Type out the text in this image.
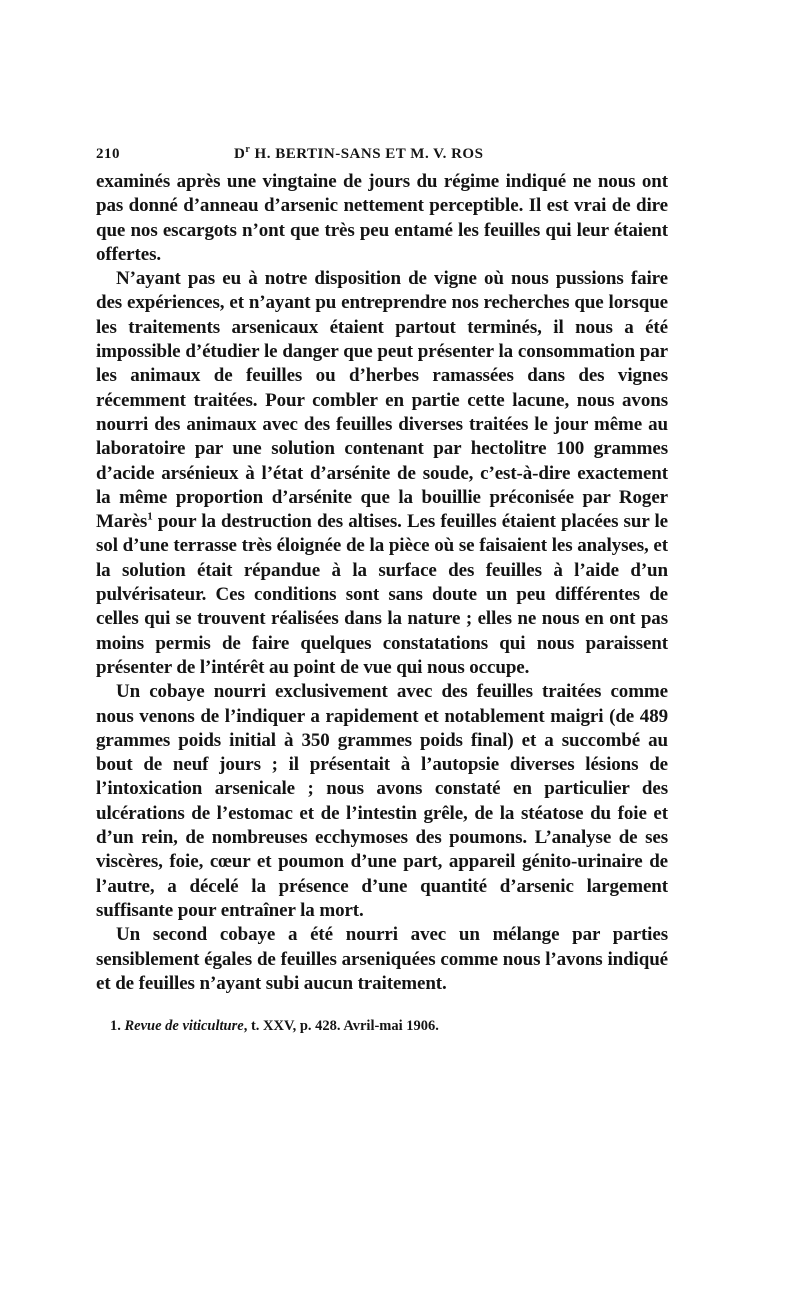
210	$D^r$ H. BERTIN-SANS ET M. V. ROS

examinés après une vingtaine de jours du régime indiqué ne nous ont pas donné d’anneau d’arsenic nettement perceptible. Il est vrai de dire que nos escargots n’ont que très peu entamé les feuilles qui leur étaient offertes.

N’ayant pas eu à notre disposition de vigne où nous pussions faire des expériences, et n’ayant pu entreprendre nos recherches que lorsque les traitements arsenicaux étaient partout terminés, il nous a été impossible d’étudier le danger que peut présenter la consommation par les animaux de feuilles ou d’herbes ramassées dans des vignes récemment traitées. Pour combler en partie cette lacune, nous avons nourri des animaux avec des feuilles diverses traitées le jour même au laboratoire par une solution contenant par hectolitre 100 grammes d’acide arsénieux à l’état d’arsénite de soude, c’est-à-dire exactement la même proportion d’arsénite que la bouillie préconisée par Roger Marès$^1$ pour la destruction des altises. Les feuilles étaient placées sur le sol d’une terrasse très éloignée de la pièce où se faisaient les analyses, et la solution était répandue à la surface des feuilles à l’aide d’un pulvérisateur. Ces conditions sont sans doute un peu différentes de celles qui se trouvent réalisées dans la nature ; elles ne nous en ont pas moins permis de faire quelques constatations qui nous paraissent présenter de l’intérêt au point de vue qui nous occupe.

Un cobaye nourri exclusivement avec des feuilles traitées comme nous venons de l’indiquer a rapidement et notablement maigri (de 489 grammes poids initial à 350 grammes poids final) et a succombé au bout de neuf jours ; il présentait à l’autopsie diverses lésions de l’intoxication arsenicale ; nous avons constaté en particulier des ulcérations de l’estomac et de l’intestin grêle, de la stéatose du foie et d’un rein, de nombreuses ecchymoses des poumons. L’analyse de ses viscères, foie, cœur et poumon d’une part, appareil génito-urinaire de l’autre, a décelé la présence d’une quantité d’arsenic largement suffisante pour entraîner la mort.

Un second cobaye a été nourri avec un mélange par parties sensiblement égales de feuilles arseniquées comme nous l’avons indiqué et de feuilles n’ayant subi aucun traitement.

1. Revue de viticulture, t. XXV, p. 428. Avril-mai 1906.
